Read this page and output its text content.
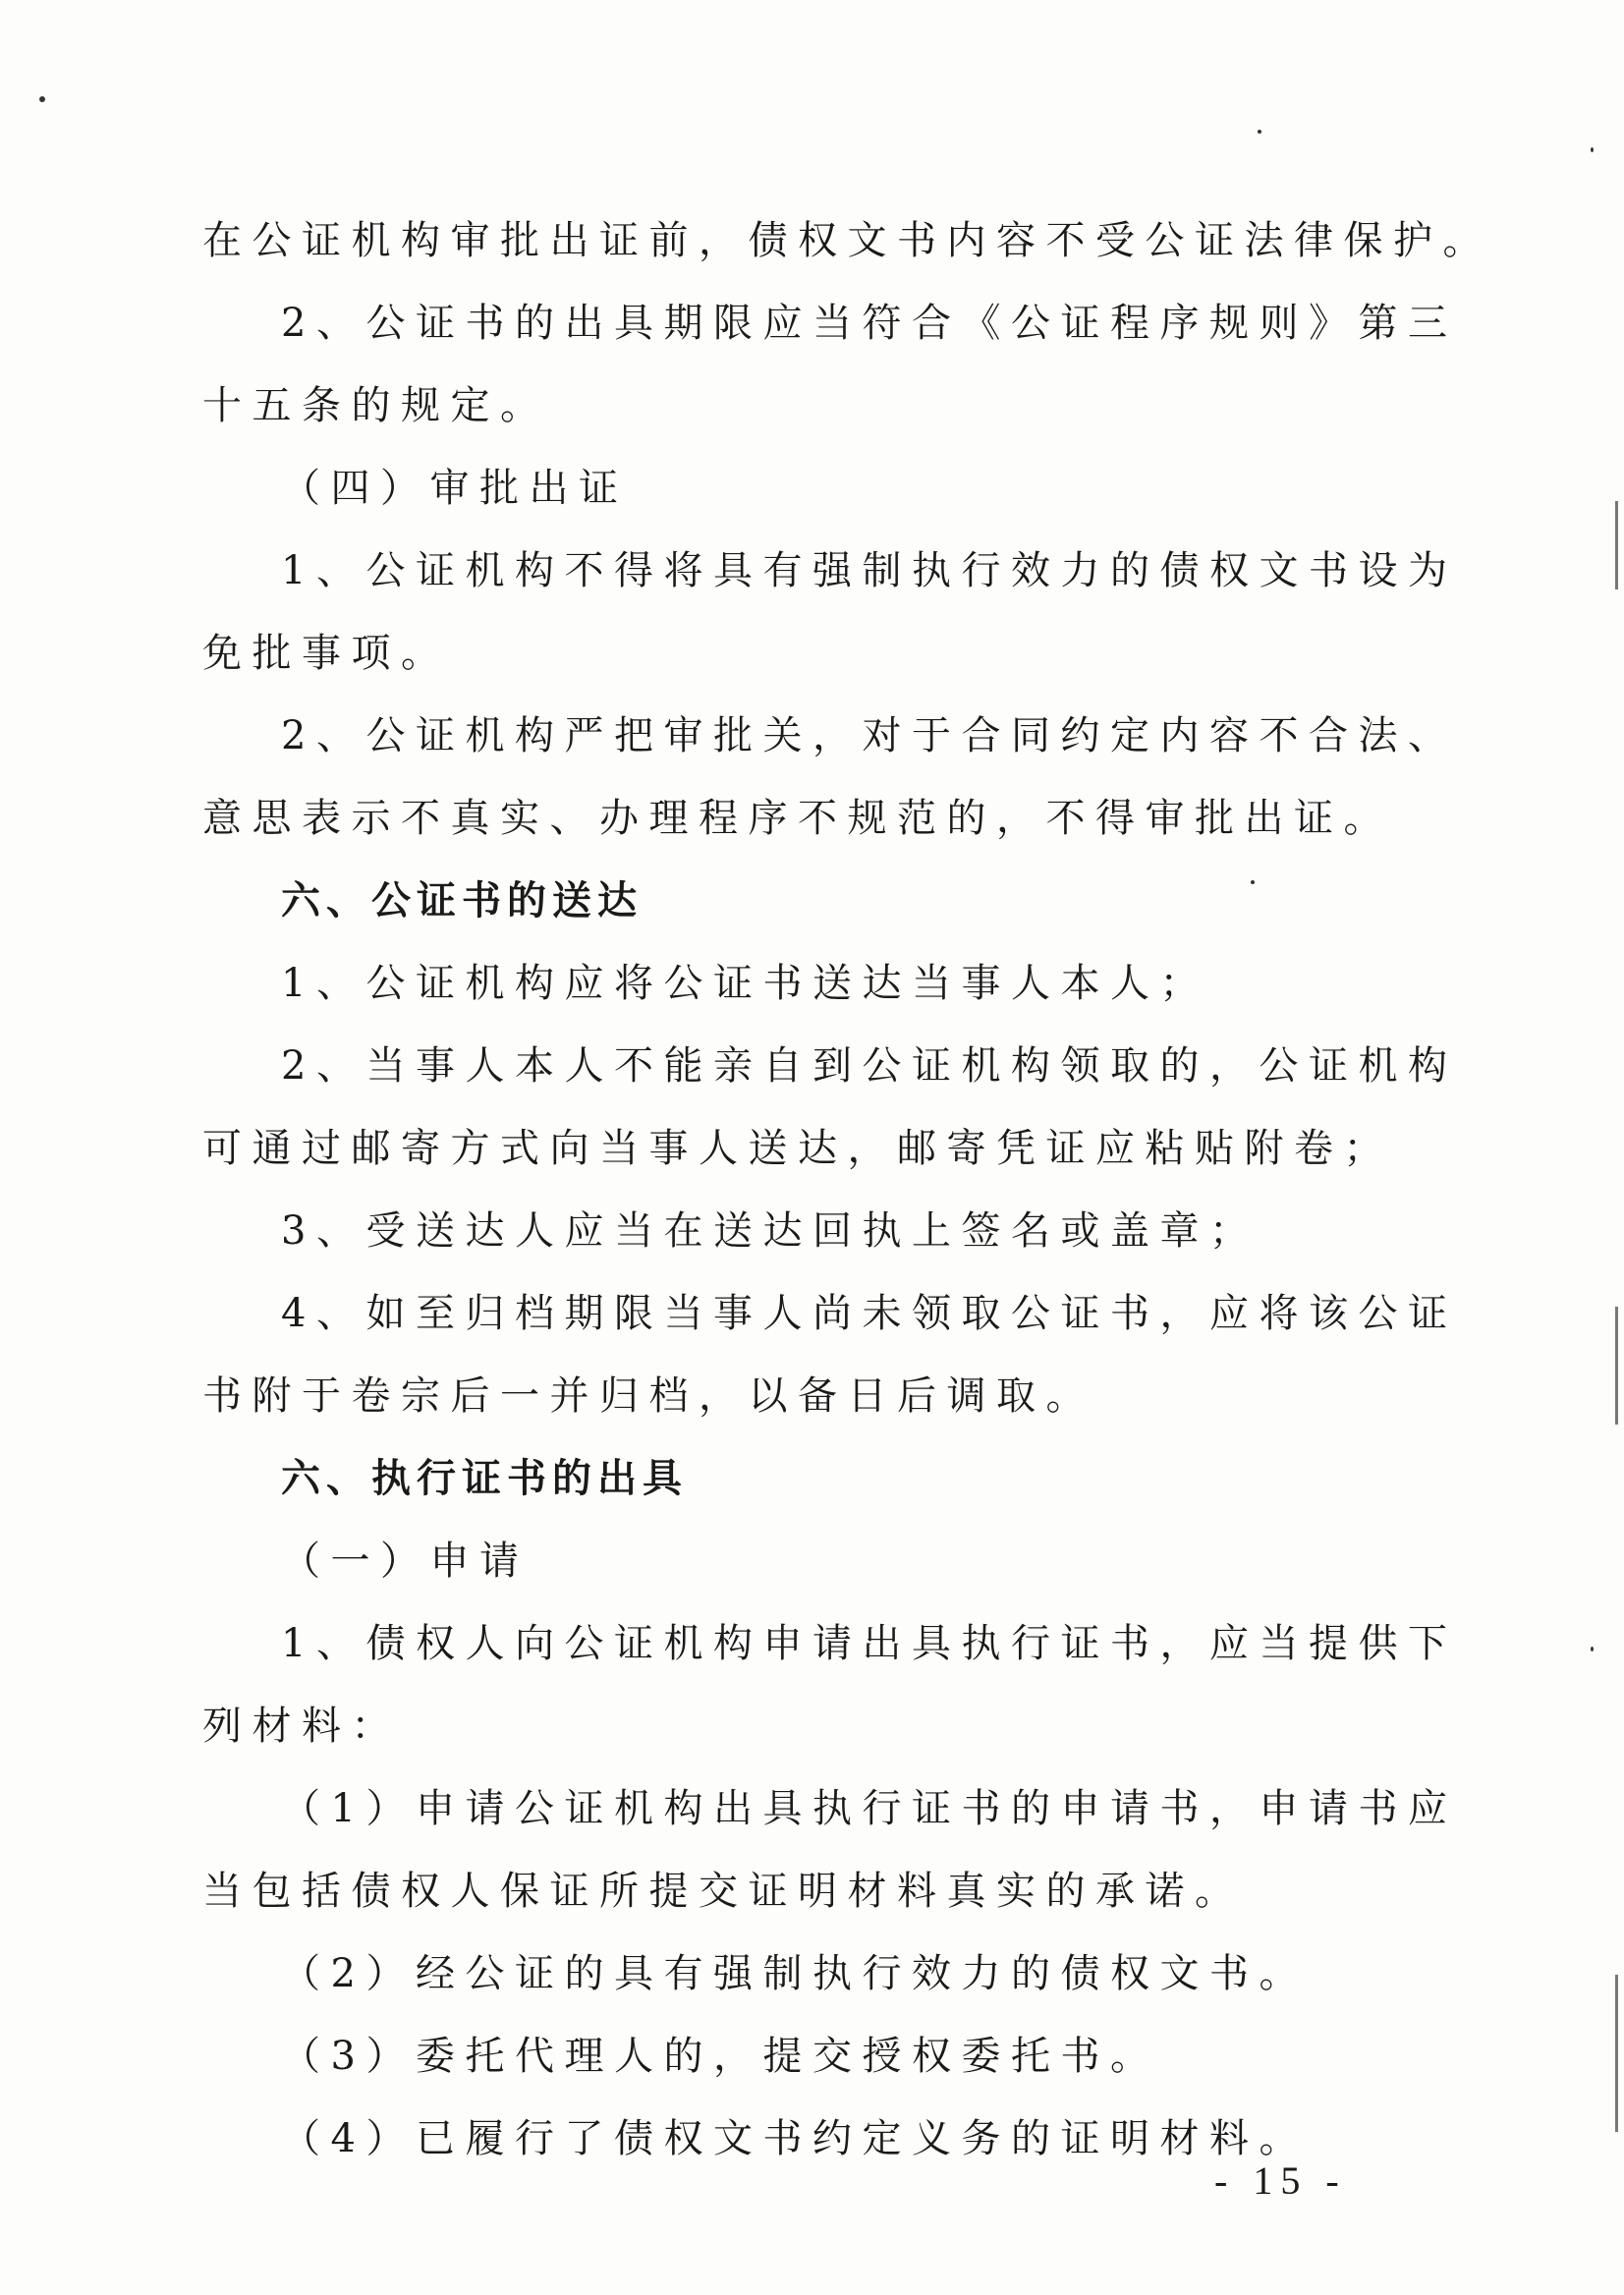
在公证机构审批出证前，债权文书内容不受公证法律保护。
2、公证书的出具期限应当符合《公证程序规则》第三
十五条的规定。
（四）审批出证
1、公证机构不得将具有强制执行效力的债权文书设为
免批事项。
2、公证机构严把审批关，对于合同约定内容不合法、
意思表示不真实、办理程序不规范的，不得审批出证。
六、公证书的送达
1、公证机构应将公证书送达当事人本人；
2、当事人本人不能亲自到公证机构领取的，公证机构
可通过邮寄方式向当事人送达，邮寄凭证应粘贴附卷；
3、受送达人应当在送达回执上签名或盖章；
4、如至归档期限当事人尚未领取公证书，应将该公证
书附于卷宗后一并归档，以备日后调取。
六、执行证书的出具
（一）申请
1、债权人向公证机构申请出具执行证书，应当提供下
列材料：
（1）申请公证机构出具执行证书的申请书，申请书应
当包括债权人保证所提交证明材料真实的承诺。
（2）经公证的具有强制执行效力的债权文书。
（3）委托代理人的，提交授权委托书。
（4）已履行了债权文书约定义务的证明材料。
- 15 -
